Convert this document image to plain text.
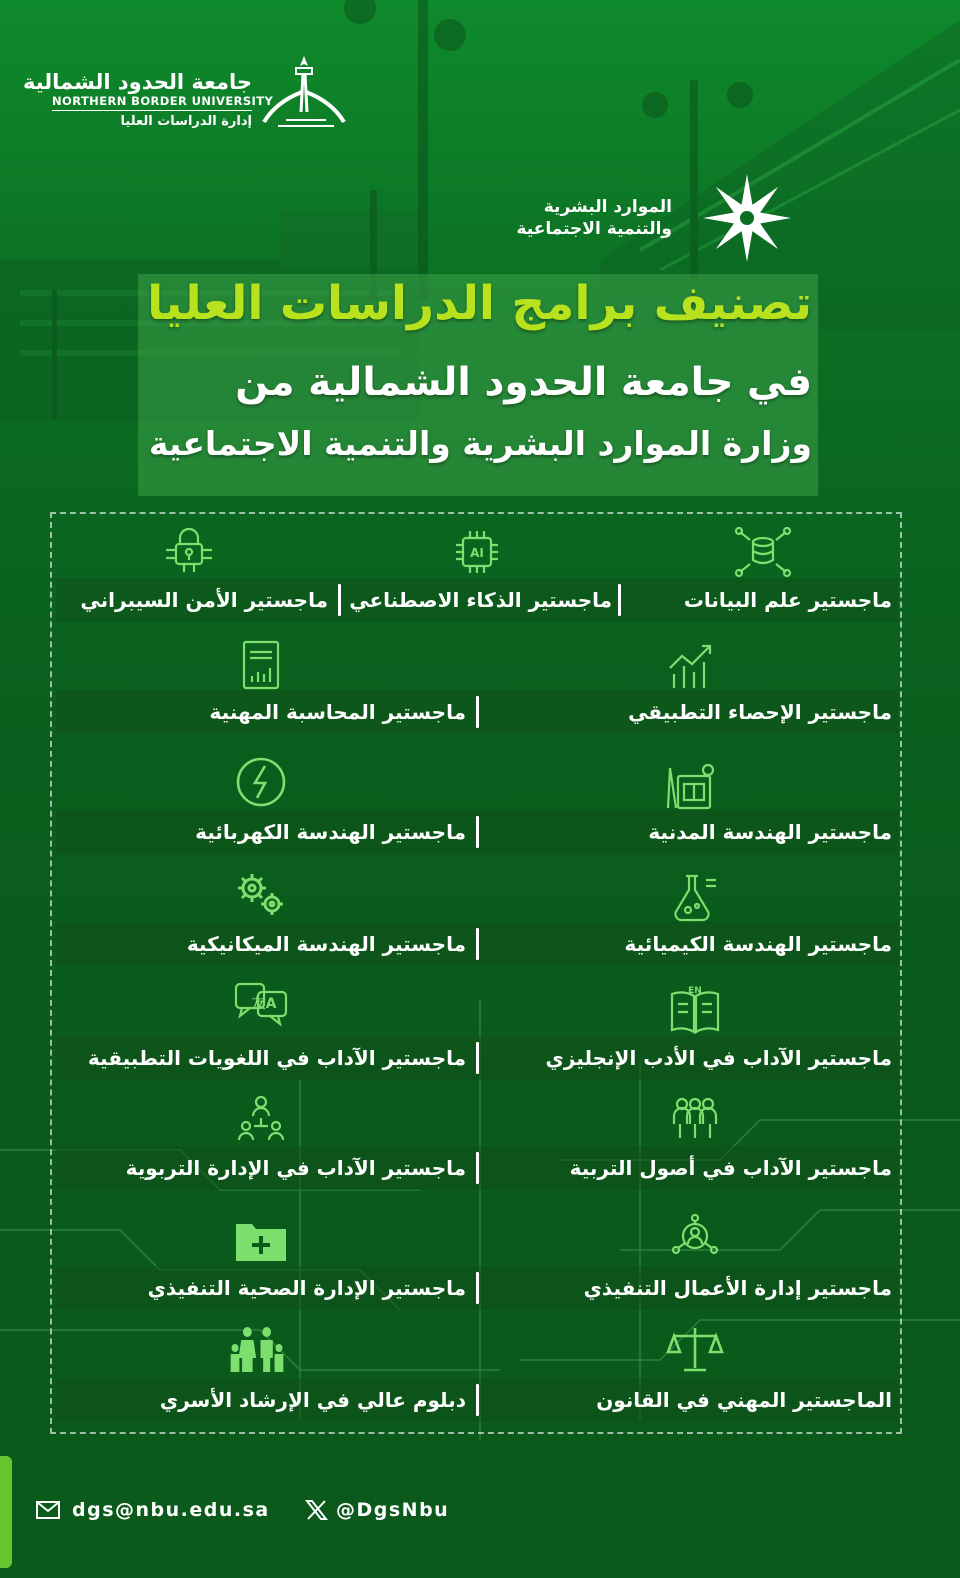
جامعة الحدود الشمالية
NORTHERN BORDER UNIVERSITY
إدارة الدراسات العليا
الموارد البشرية
والتنمية الاجتماعية
تصنيف برامج الدراسات العليا
في جامعة الحدود الشمالية من
وزارة الموارد البشرية والتنمية الاجتماعية
AI
ماجستير علم البيانات
ماجستير الذكاء الاصطناعي
ماجستير الأمن السيبراني
ماجستير الإحصاء التطبيقي
ماجستير المحاسبة المهنية
ماجستير الهندسة المدنية
ماجستير الهندسة الكهربائية
ماجستير الهندسة الكيميائية
ماجستير الهندسة الميكانيكية
EN
友A
ماجستير الآداب في الأدب الإنجليزي
ماجستير الآداب في اللغويات التطبيقية
ماجستير الآداب في أصول التربية
ماجستير الآداب في الإدارة التربوية
ماجستير إدارة الأعمال التنفيذي
ماجستير الإدارة الصحية التنفيذي
الماجستير المهني في القانون
دبلوم عالي في الإرشاد الأسري
dgs@nbu.edu.sa	@DgsNbu
